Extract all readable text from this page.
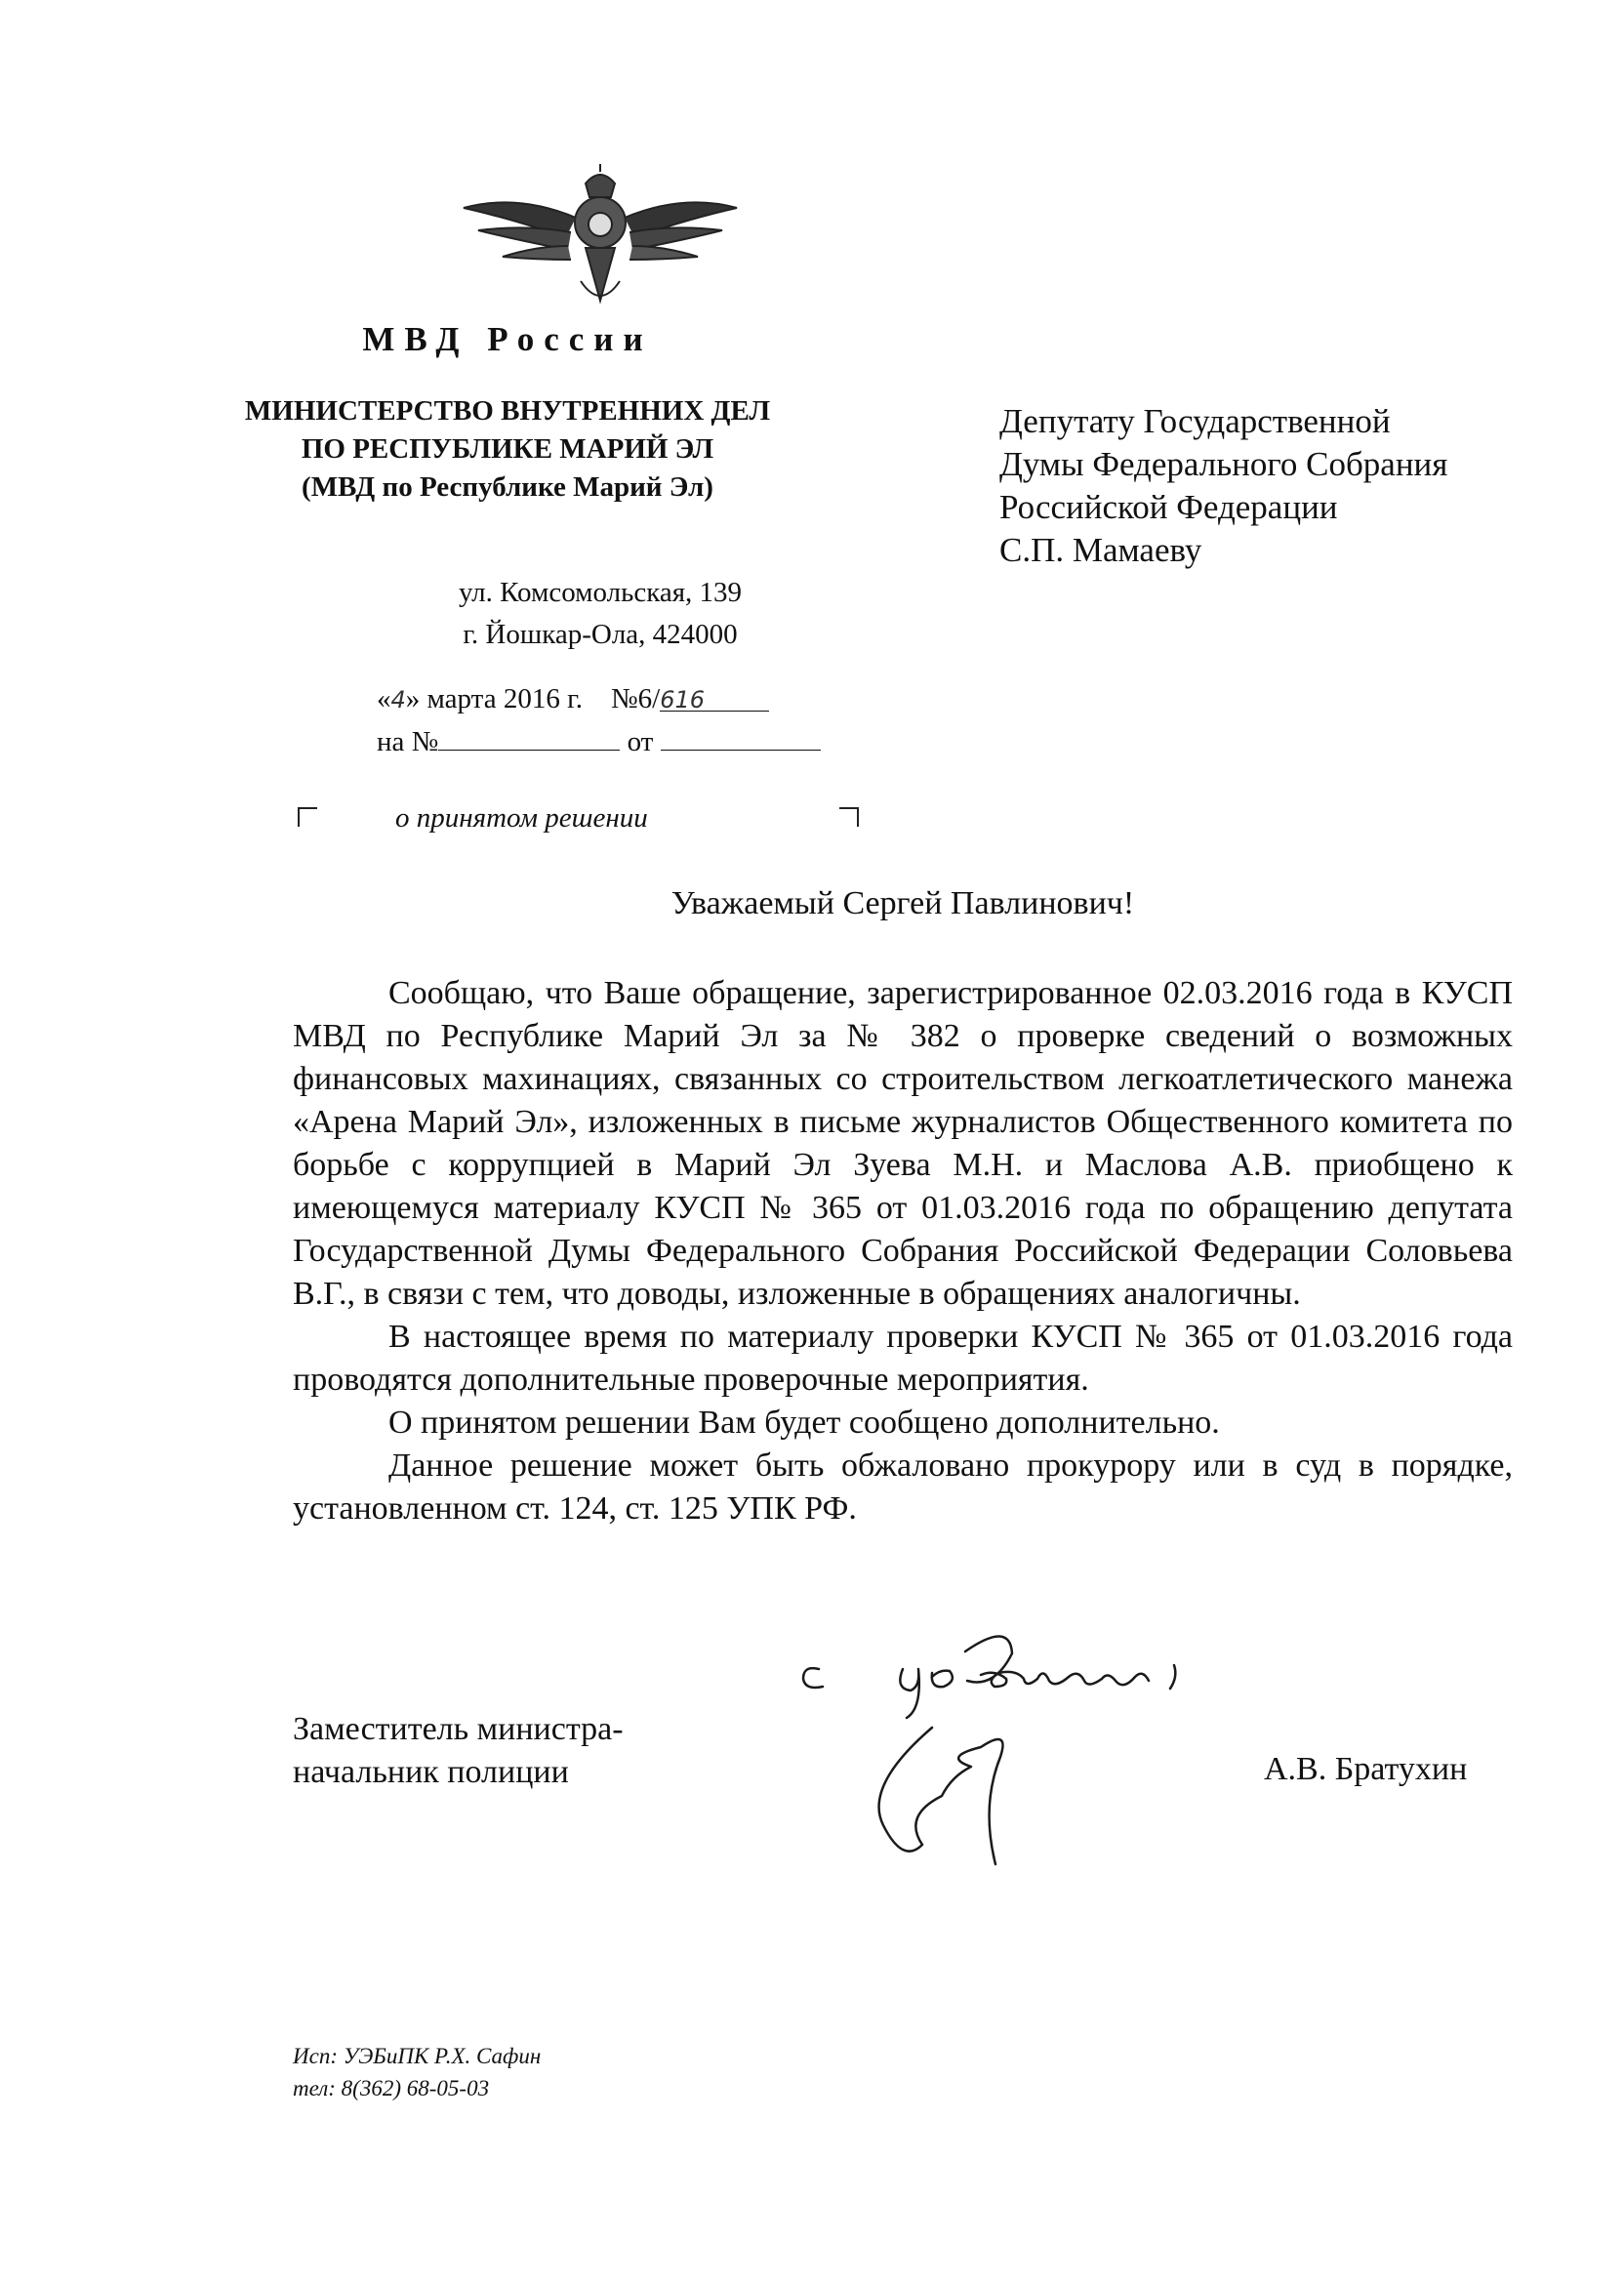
МВД России
МИНИСТЕРСТВО ВНУТРЕННИХ ДЕЛ
ПО РЕСПУБЛИКЕ МАРИЙ ЭЛ
(МВД по Республике Марий Эл)
ул. Комсомольская, 139
г. Йошкар-Ола, 424000
«4» марта 2016 г. №6/616
на №	от
о принятом решении
Депутату Государственной
Думы Федерального Собрания
Российской Федерации
С.П. Мамаеву
Уважаемый Сергей Павлинович!

Сообщаю, что Ваше обращение, зарегистрированное 02.03.2016 года в КУСП МВД по Республике Марий Эл за № 382 о проверке сведений о возможных финансовых махинациях, связанных со строительством легкоатлетического манежа «Арена Марий Эл», изложенных в письме журналистов Общественного комитета по борьбе с коррупцией в Марий Эл Зуева М.Н. и Маслова А.В. приобщено к имеющемуся материалу КУСП № 365 от 01.03.2016 года по обращению депутата Государственной Думы Федерального Собрания Российской Федерации Соловьева В.Г., в связи с тем, что доводы, изложенные в обращениях аналогичны.

В настоящее время по материалу проверки КУСП № 365 от 01.03.2016 года проводятся дополнительные проверочные мероприятия.

О принятом решении Вам будет сообщено дополнительно.

Данное решение может быть обжаловано прокурору или в суд в порядке, установленном ст. 124, ст. 125 УПК РФ.

Заместитель министра-
начальник полиции	А.В. Братухин
Исп: УЭБиПК Р.Х. Сафин
тел: 8(362) 68-05-03
